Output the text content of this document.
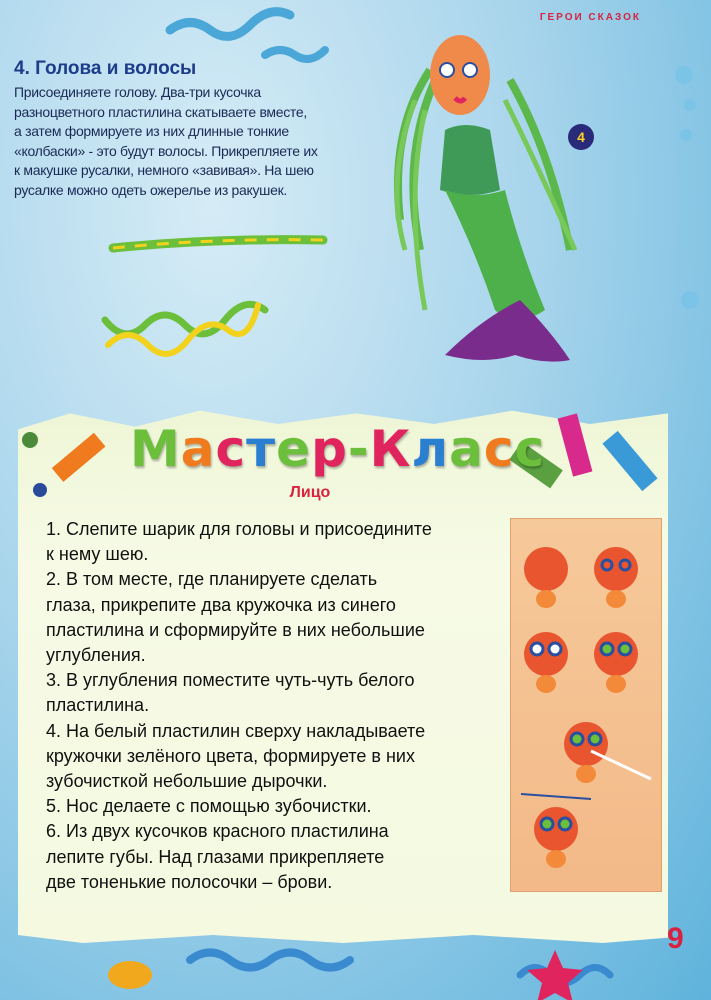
ГЕРОИ СКАЗОК
4. Голова и волосы
Присоединяете голову. Два-три кусочка
разноцветного пластилина скатываете вместе,
а затем формируете из них длинные тонкие
«колбаски» - это будут волосы. Прикрепляете их
к макушке русалки, немного «завивая». На шею
русалке можно одеть ожерелье из ракушек.
4
Мастер-Класс
Лицо
1. Слепите шарик для головы и присоедините
к нему шею.
2. В том месте, где планируете сделать
глаза, прикрепите два кружочка из синего
пластилина и сформируйте в них небольшие
углубления.
3. В углубления поместите чуть-чуть белого
пластилина.
4. На белый пластилин сверху накладываете
кружочки зелёного цвета, формируете в них
зубочисткой небольшие дырочки.
5. Нос делаете с помощью зубочистки.
6. Из двух кусочков красного пластилина
лепите губы. Над глазами прикрепляете
две тоненькие полосочки – брови.
9
